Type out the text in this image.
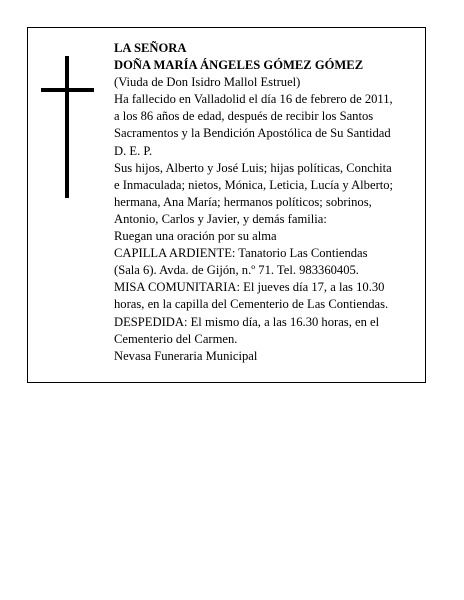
LA SEÑORA
DOÑA MARÍA ÁNGELES GÓMEZ GÓMEZ
(Viuda de Don Isidro Mallol Estruel)
Ha fallecido en Valladolid el día 16 de febrero de 2011,
a los 86 años de edad, después de recibir los Santos
Sacramentos y la Bendición Apostólica de Su Santidad
D. E. P.
Sus hijos, Alberto y José Luis; hijas políticas, Conchita
e Inmaculada; nietos, Mónica, Leticia, Lucía y Alberto;
hermana, Ana María; hermanos políticos; sobrinos,
Antonio, Carlos y Javier, y demás familia:
Ruegan una oración por su alma
CAPILLA ARDIENTE: Tanatorio Las Contiendas
(Sala 6). Avda. de Gijón, n.º 71. Tel. 983360405.
MISA COMUNITARIA: El jueves día 17, a las 10.30
horas, en la capilla del Cementerio de Las Contiendas.
DESPEDIDA: El mismo día, a las 16.30 horas, en el
Cementerio del Carmen.
Nevasa Funeraria Municipal
